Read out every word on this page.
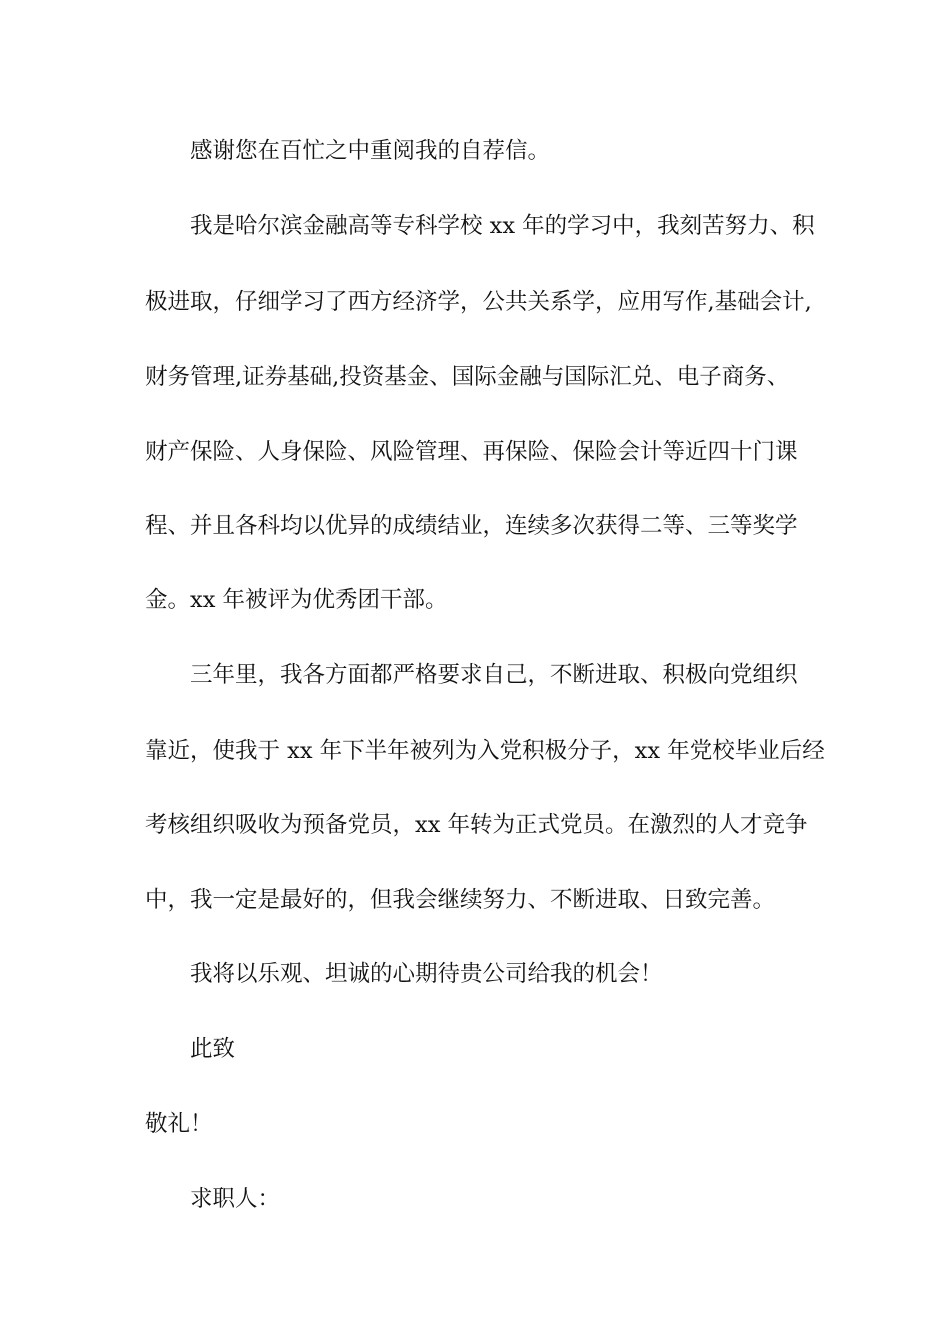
感谢您在百忙之中重阅我的自荐信。
我是哈尔滨金融高等专科学校 xx 年的学习中，我刻苦努力、积
极进取，仔细学习了西方经济学，公共关系学，应用写作,基础会计,
财务管理,证券基础,投资基金、国际金融与国际汇兑、电子商务、
财产保险、人身保险、风险管理、再保险、保险会计等近四十门课
程、并且各科均以优异的成绩结业，连续多次获得二等、三等奖学
金。xx 年被评为优秀团干部。
三年里，我各方面都严格要求自己，不断进取、积极向党组织
靠近，使我于 xx 年下半年被列为入党积极分子，xx 年党校毕业后经
考核组织吸收为预备党员，xx 年转为正式党员。在激烈的人才竞争
中，我一定是最好的，但我会继续努力、不断进取、日致完善。
我将以乐观、坦诚的心期待贵公司给我的机会！
此致
敬礼！
求职人：
